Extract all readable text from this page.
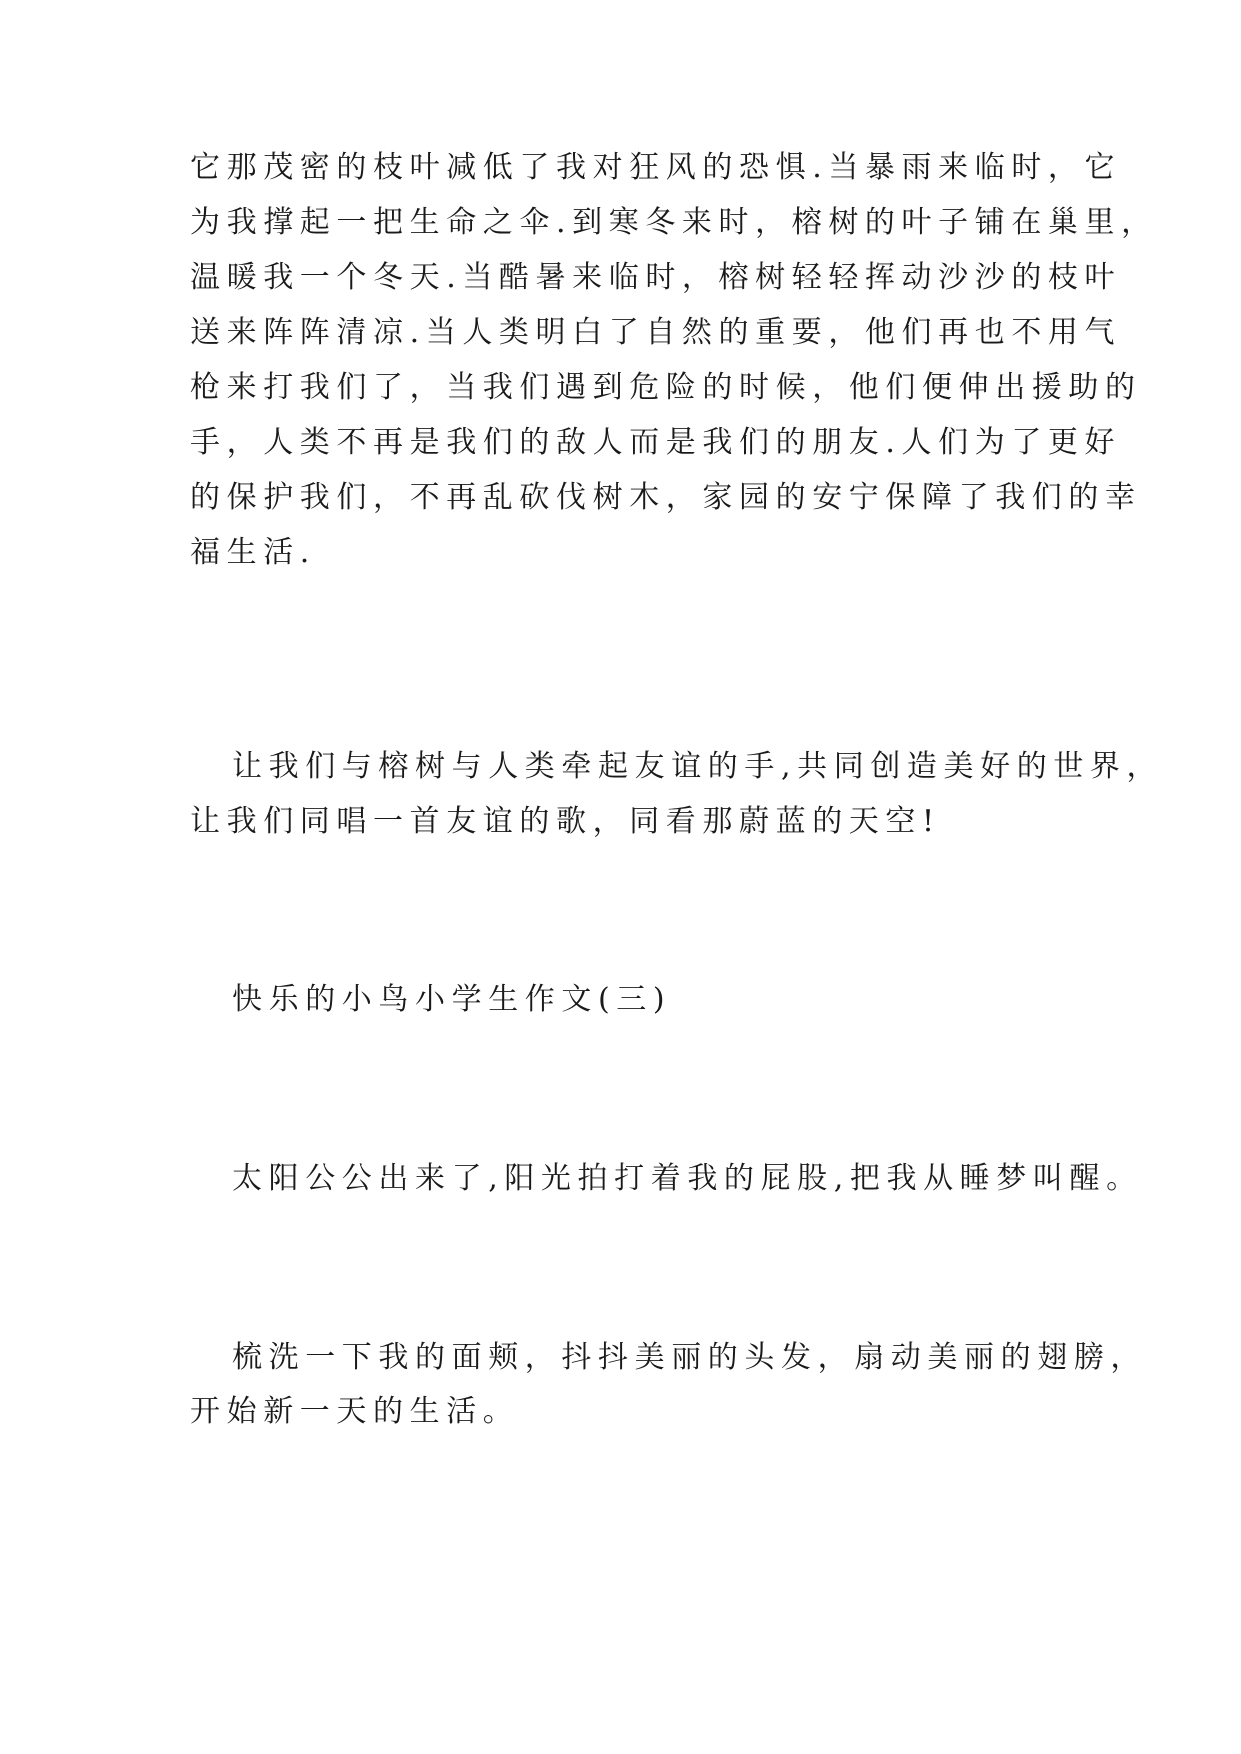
它那茂密的枝叶减低了我对狂风的恐惧.当暴雨来临时，它
为我撑起一把生命之伞.到寒冬来时，榕树的叶子铺在巢里，
温暖我一个冬天.当酷暑来临时，榕树轻轻挥动沙沙的枝叶
送来阵阵清凉.当人类明白了自然的重要，他们再也不用气
枪来打我们了，当我们遇到危险的时候，他们便伸出援助的
手，人类不再是我们的敌人而是我们的朋友.人们为了更好
的保护我们，不再乱砍伐树木，家园的安宁保障了我们的幸
福生活.
让我们与榕树与人类牵起友谊的手,共同创造美好的世界，
让我们同唱一首友谊的歌，同看那蔚蓝的天空!
快乐的小鸟小学生作文(三)
太阳公公出来了,阳光拍打着我的屁股,把我从睡梦叫醒。
梳洗一下我的面颊，抖抖美丽的头发，扇动美丽的翅膀，
开始新一天的生活。
